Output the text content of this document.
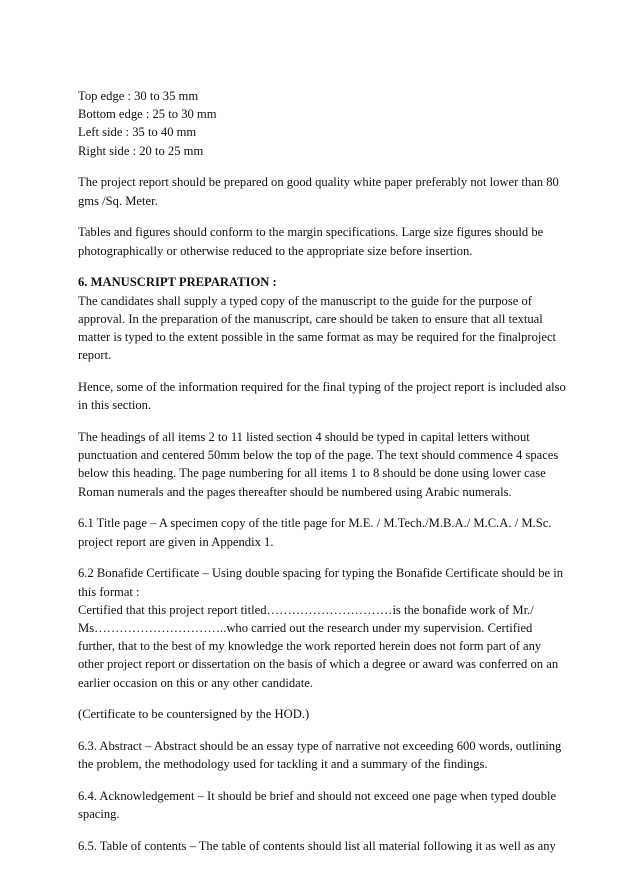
Top edge : 30 to 35 mm
Bottom edge : 25 to 30 mm
Left side : 35 to 40 mm
Right side : 20 to 25 mm
The project report should be prepared on good quality white paper preferably not lower than 80
gms /Sq. Meter.
Tables and figures should conform to the margin specifications. Large size figures should be
photographically or otherwise reduced to the appropriate size before insertion.
6. MANUSCRIPT PREPARATION :
The candidates shall supply a typed copy of the manuscript to the guide for the purpose of
approval. In the preparation of the manuscript, care should be taken to ensure that all textual
matter is typed to the extent possible in the same format as may be required for the finalproject
report.
Hence, some of the information required for the final typing of the project report is included also
in this section.
The headings of all items 2 to 11 listed section 4 should be typed in capital letters without
punctuation and centered 50mm below the top of the page. The text should commence 4 spaces
below this heading. The page numbering for all items 1 to 8 should be done using lower case
Roman numerals and the pages thereafter should be numbered using Arabic numerals.
6.1 Title page – A specimen copy of the title page for M.E. / M.Tech./M.B.A./ M.C.A. / M.Sc.
project report are given in Appendix 1.
6.2 Bonafide Certificate – Using double spacing for typing the Bonafide Certificate should be in
this format :
Certified that this project report titled…………………………is the bonafide work of Mr./
Ms…………………………..who carried out the research under my supervision. Certified
further, that to the best of my knowledge the work reported herein does not form part of any
other project report or dissertation on the basis of which a degree or award was conferred on an
earlier occasion on this or any other candidate.
(Certificate to be countersigned by the HOD.)
6.3. Abstract – Abstract should be an essay type of narrative not exceeding 600 words, outlining
the problem, the methodology used for tackling it and a summary of the findings.
6.4. Acknowledgement – It should be brief and should not exceed one page when typed double
spacing.
6.5. Table of contents – The table of contents should list all material following it as well as any
